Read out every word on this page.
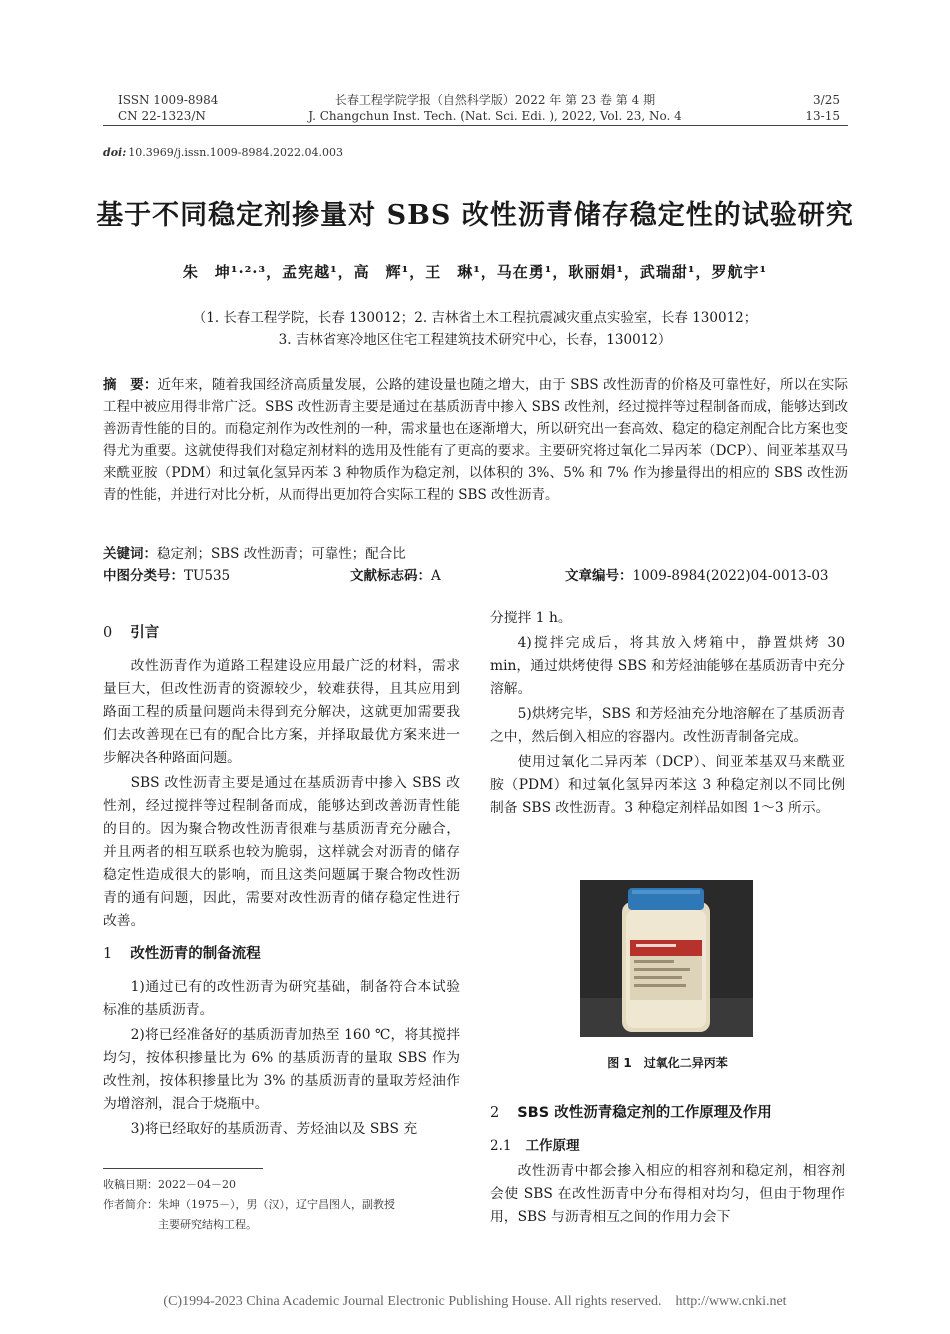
ISSN 1009-8984
CN 22-1323/N
长春工程学院学报（自然科学版）2022 年 第 23 卷 第 4 期
J. Changchun Inst. Tech. (Nat. Sci. Edi. ), 2022, Vol. 23, No. 4
3/25
13-15
doi: 10.3969/j.issn.1009-8984.2022.04.003
基于不同稳定剂掺量对 SBS 改性沥青储存稳定性的试验研究
朱　坤¹·²·³，孟宪越¹，高　辉¹，王　琳¹，马在勇¹，耿丽娟¹，武瑞甜¹，罗航宇¹
（1. 长春工程学院，长春 130012；2. 吉林省土木工程抗震减灾重点实验室，长春 130012；
3. 吉林省寒冷地区住宅工程建筑技术研究中心，长春，130012）
摘　要：近年来，随着我国经济高质量发展，公路的建设量也随之增大，由于 SBS 改性沥青的价格及可靠性好，所以在实际工程中被应用得非常广泛。SBS 改性沥青主要是通过在基质沥青中掺入 SBS 改性剂，经过搅拌等过程制备而成，能够达到改善沥青性能的目的。而稳定剂作为改性剂的一种，需求量也在逐渐增大，所以研究出一套高效、稳定的稳定剂配合比方案也变得尤为重要。这就使得我们对稳定剂材料的选用及性能有了更高的要求。主要研究将过氧化二异丙苯（DCP）、间亚苯基双马来酰亚胺（PDM）和过氧化氢异丙苯 3 种物质作为稳定剂，以体积的 3%、5% 和 7% 作为掺量得出的相应的 SBS 改性沥青的性能，并进行对比分析，从而得出更加符合实际工程的 SBS 改性沥青。
关键词：稳定剂；SBS 改性沥青；可靠性；配合比
中图分类号：TU535	文献标志码：A	文章编号：1009-8984(2022)04-0013-03
0 引言

改性沥青作为道路工程建设应用最广泛的材料，需求量巨大，但改性沥青的资源较少，较难获得，且其应用到路面工程的质量问题尚未得到充分解决，这就更加需要我们去改善现在已有的配合比方案，并择取最优方案来进一步解决各种路面问题。

SBS 改性沥青主要是通过在基质沥青中掺入 SBS 改性剂，经过搅拌等过程制备而成，能够达到改善沥青性能的目的。因为聚合物改性沥青很难与基质沥青充分融合，并且两者的相互联系也较为脆弱，这样就会对沥青的储存稳定性造成很大的影响，而且这类问题属于聚合物改性沥青的通有问题，因此，需要对改性沥青的储存稳定性进行改善。

1 改性沥青的制备流程

1)通过已有的改性沥青为研究基础，制备符合本试验标准的基质沥青。

2)将已经准备好的基质沥青加热至 160 ℃，将其搅拌均匀，按体积掺量比为 6% 的基质沥青的量取 SBS 作为改性剂，按体积掺量比为 3% 的基质沥青的量取芳烃油作为增溶剂，混合于烧瓶中。

3)将已经取好的基质沥青、芳烃油以及 SBS 充

分搅拌 1 h。

4)搅拌完成后，将其放入烤箱中，静置烘烤 30 min，通过烘烤使得 SBS 和芳烃油能够在基质沥青中充分溶解。

5)烘烤完毕，SBS 和芳烃油充分地溶解在了基质沥青之中，然后倒入相应的容器内。改性沥青制备完成。

使用过氧化二异丙苯（DCP）、间亚苯基双马来酰亚胺（PDM）和过氧化氢异丙苯这 3 种稳定剂以不同比例制备 SBS 改性沥青。3 种稳定剂样品如图 1～3 所示。

图 1　 过氧化二异丙苯
2 SBS 改性沥青稳定剂的工作原理及作用
2.1 工作原理

改性沥青中都会掺入相应的相容剂和稳定剂，相容剂会使 SBS 在改性沥青中分布得相对均匀，但由于物理作用，SBS 与沥青相互之间的作用力会下

收稿日期：2022－04－20
作者简介：朱坤（1975－），男（汉），辽宁昌图人，副教授
主要研究结构工程。
(C)1994-2023 China Academic Journal Electronic Publishing House. All rights reserved.　http://www.cnki.net
